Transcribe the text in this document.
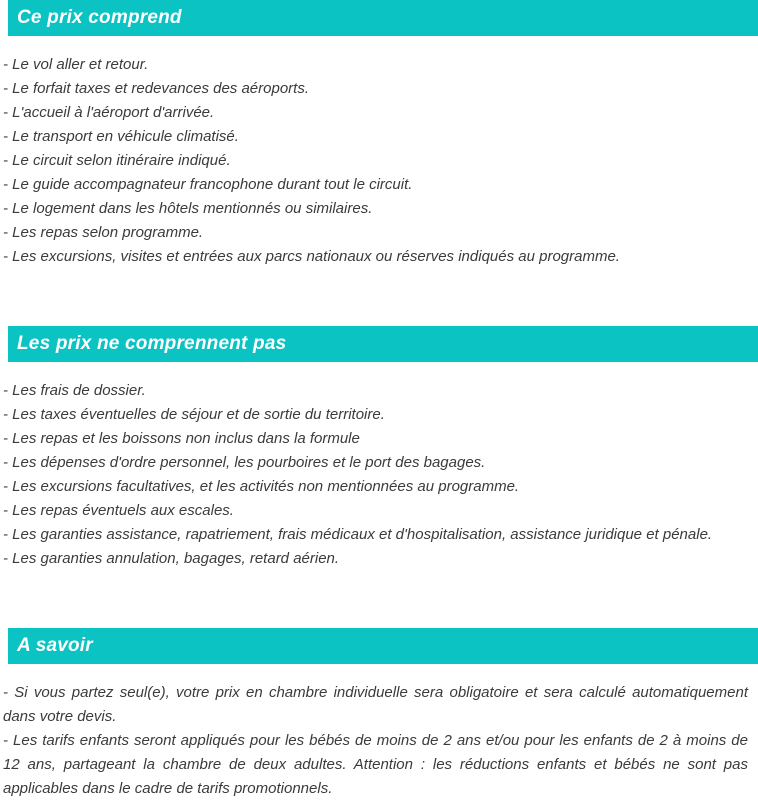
Ce prix comprend

- Le vol aller et retour.

- Le forfait taxes et redevances des aéroports.

- L'accueil à l'aéroport d'arrivée.

- Le transport en véhicule climatisé.

- Le circuit selon itinéraire indiqué.

- Le guide accompagnateur francophone durant tout le circuit.

- Le logement dans les hôtels mentionnés ou similaires.

- Les repas selon programme.

- Les excursions, visites et entrées aux parcs nationaux ou réserves indiqués au programme.

Les prix ne comprennent pas

- Les frais de dossier.

- Les taxes éventuelles de séjour et de sortie du territoire.

- Les repas et les boissons non inclus dans la formule

- Les dépenses d'ordre personnel, les pourboires et le port des bagages.

- Les excursions facultatives, et les activités non mentionnées au programme.

- Les repas éventuels aux escales.

- Les garanties assistance, rapatriement, frais médicaux et d'hospitalisation, assistance juridique et pénale.

- Les garanties annulation, bagages, retard aérien.

A savoir

- Si vous partez seul(e), votre prix en chambre individuelle sera obligatoire et sera calculé automatiquement dans votre devis.

- Les tarifs enfants seront appliqués pour les bébés de moins de 2 ans et/ou pour les enfants de 2 à moins de 12 ans, partageant la chambre de deux adultes. Attention : les réductions enfants et bébés ne sont pas applicables dans le cadre de tarifs promotionnels.
